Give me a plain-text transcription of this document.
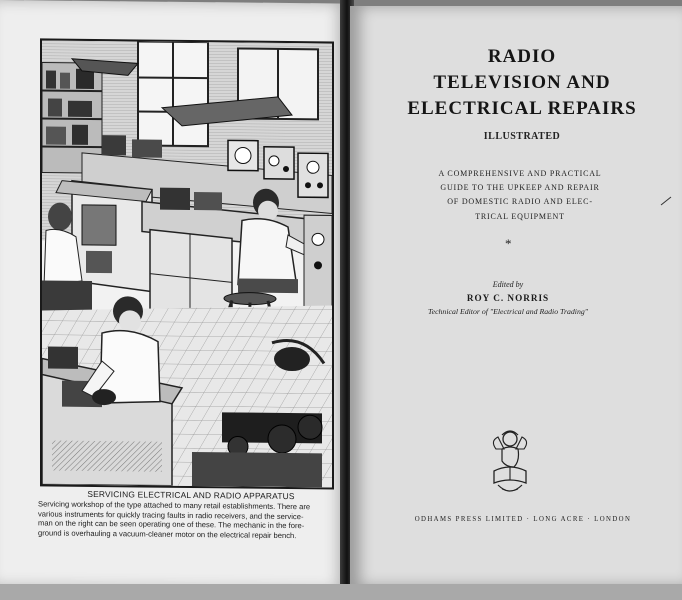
SERVICING ELECTRICAL AND RADIO APPARATUS
Servicing workshop of the type attached to many retail establishments. There are
various instruments for quickly tracing faults in radio receivers, and the service-
man on the right can be seen operating one of these. The mechanic in the fore-
ground is overhauling a vacuum-cleaner motor on the electrical repair bench.
RADIO
TELEVISION AND
ELECTRICAL REPAIRS
ILLUSTRATED
A COMPREHENSIVE AND PRACTICAL
GUIDE TO THE UPKEEP AND REPAIR
OF DOMESTIC RADIO AND ELEC-
TRICAL EQUIPMENT
*
Edited by
ROY C. NORRIS
Technical Editor of "Electrical and Radio Trading"
ODHAMS PRESS LIMITED · LONG ACRE · LONDON
